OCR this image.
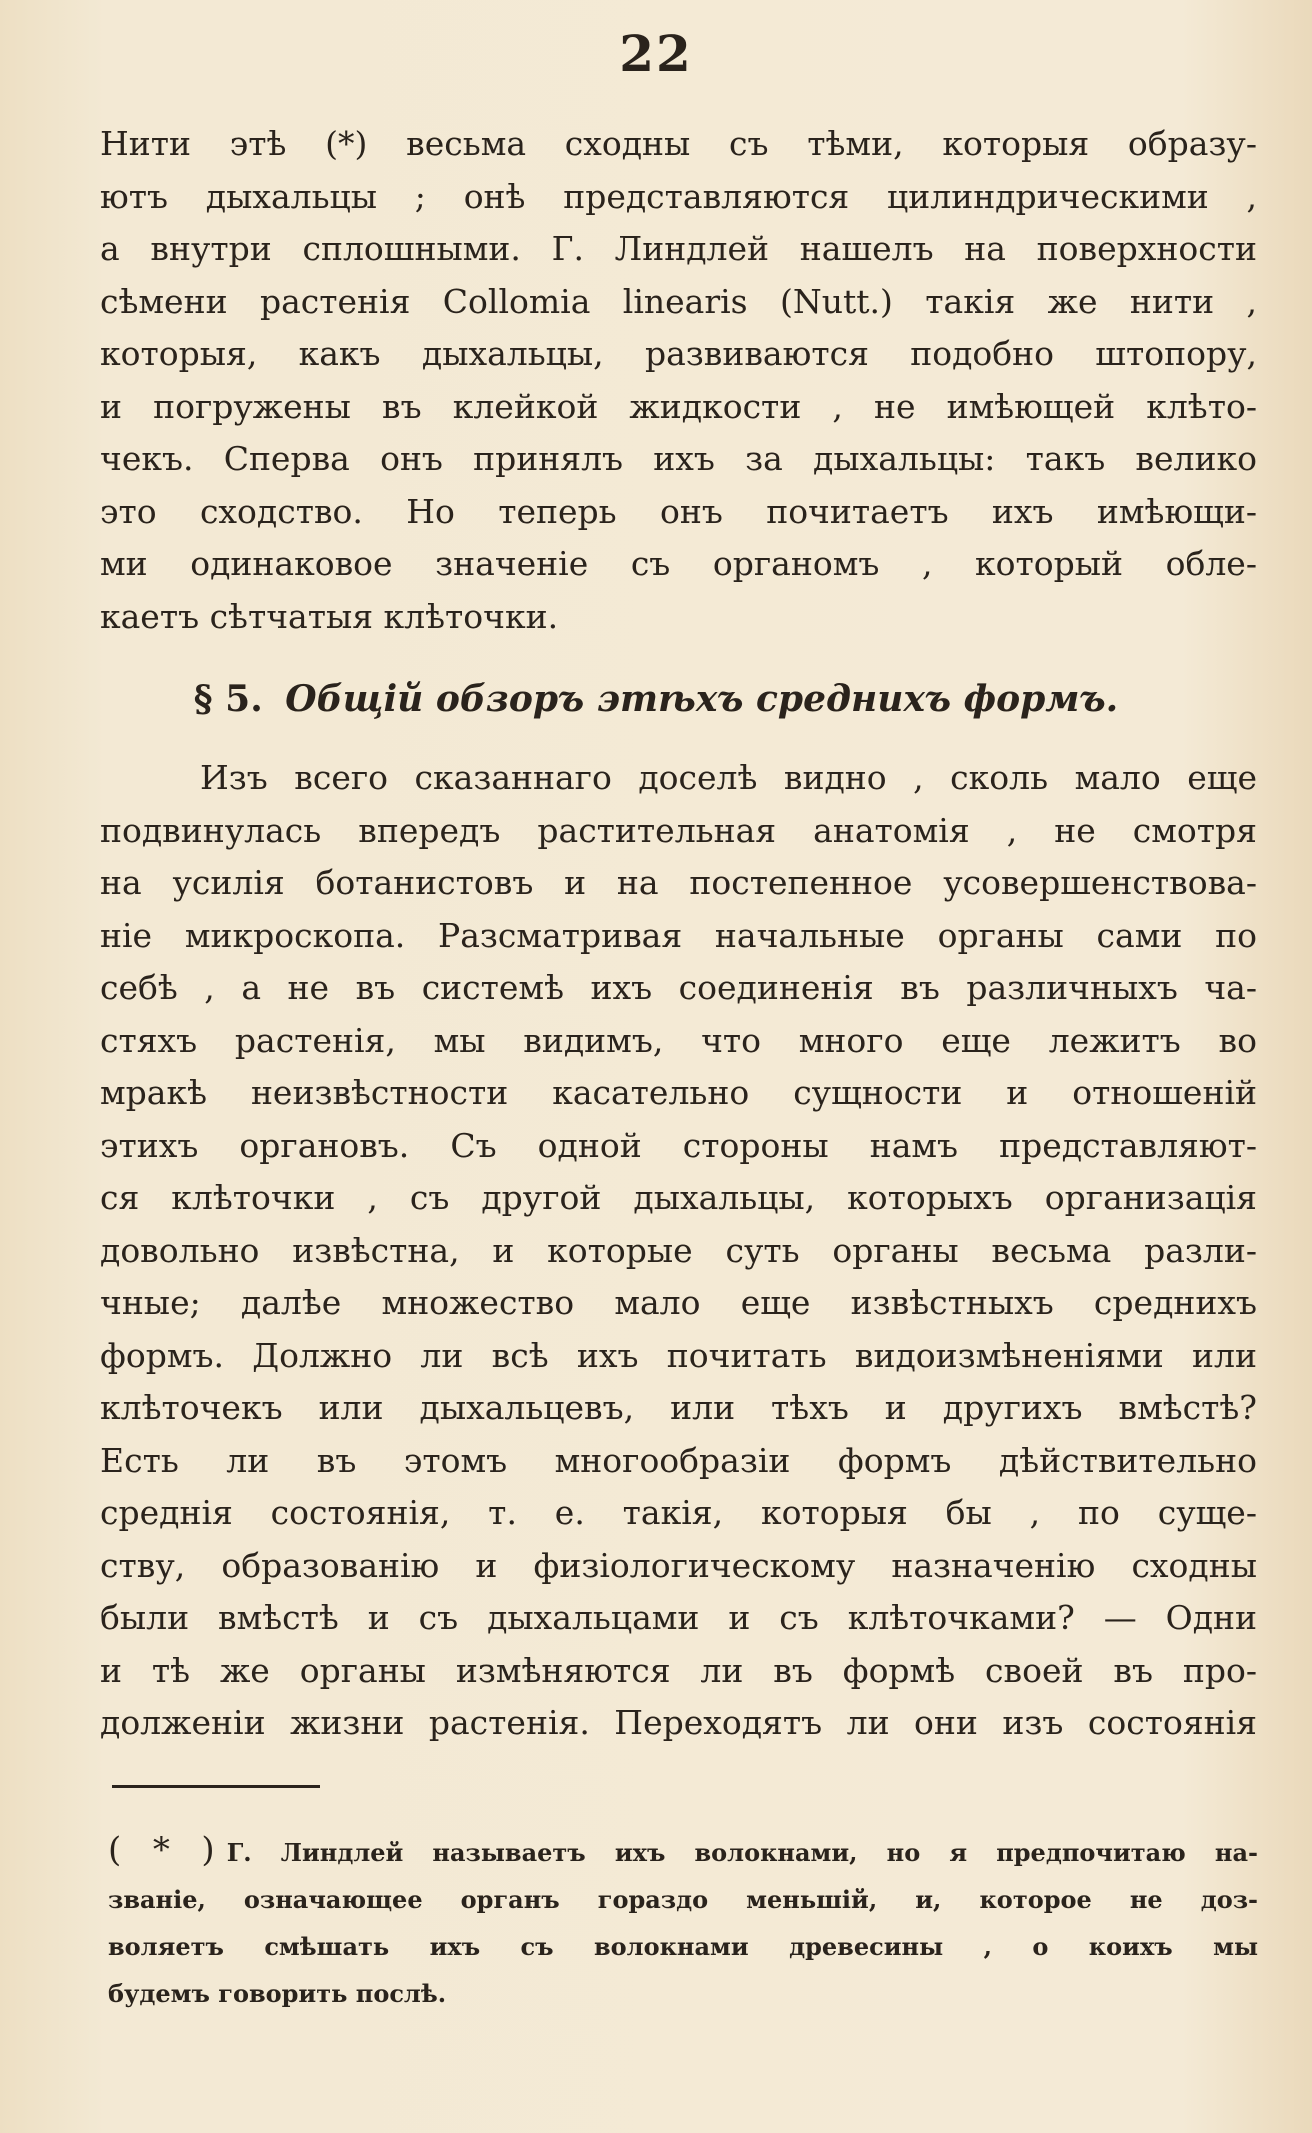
22
Нити этѣ (*) весьма сходны съ тѣми, которыя образу-
ютъ дыхальцы ; онѣ представляются цилиндрическими ,
а внутри сплошными. Г. Линдлей нашелъ на поверхности
сѣмени растенія Collomia linearis (Nutt.) такія же нити ,
которыя, какъ дыхальцы, развиваются подобно штопору,
и погружены въ клейкой жидкости , не имѣющей клѣто-
чекъ. Сперва онъ принялъ ихъ за дыхальцы: такъ велико
это сходство. Но теперь онъ почитаетъ ихъ имѣющи-
ми одинаковое значеніе съ органомъ , который обле-
каетъ сѣтчатыя клѣточки.
§ 5. Общій обзоръ этѣхъ среднихъ формъ.
Изъ всего сказаннаго доселѣ видно , сколь мало еще
подвинулась впередъ растительная анатомія , не смотря
на усилія ботанистовъ и на постепенное усовершенствова-
ніе микроскопа. Разсматривая начальные органы сами по
себѣ , а не въ системѣ ихъ соединенія въ различныхъ ча-
стяхъ растенія, мы видимъ, что много еще лежитъ во
мракѣ неизвѣстности касательно сущности и отношеній
этихъ органовъ. Съ одной стороны намъ представляют-
ся клѣточки , съ другой дыхальцы, которыхъ организація
довольно извѣстна, и которые суть органы весьма разли-
чные; далѣе множество мало еще извѣстныхъ среднихъ
формъ. Должно ли всѣ ихъ почитать видоизмѣненіями или
клѣточекъ или дыхальцевъ, или тѣхъ и другихъ вмѣстѣ?
Есть ли въ этомъ многообразіи формъ дѣйствительно
среднія состоянія, т. е. такія, которыя бы , по суще-
ству, образованію и физіологическому назначенію сходны
были вмѣстѣ и съ дыхальцами и съ клѣточками? — Одни
и тѣ же органы измѣняются ли въ формѣ своей въ про-
долженіи жизни растенія. Переходятъ ли они изъ состоянія
( * ) Г. Линдлей называетъ ихъ волокнами, но я предпочитаю на-
званіе, означающее органъ гораздо меньшій, и, которое не доз-
воляетъ смѣшать ихъ съ волокнами древесины , о коихъ мы
будемъ говорить послѣ.
